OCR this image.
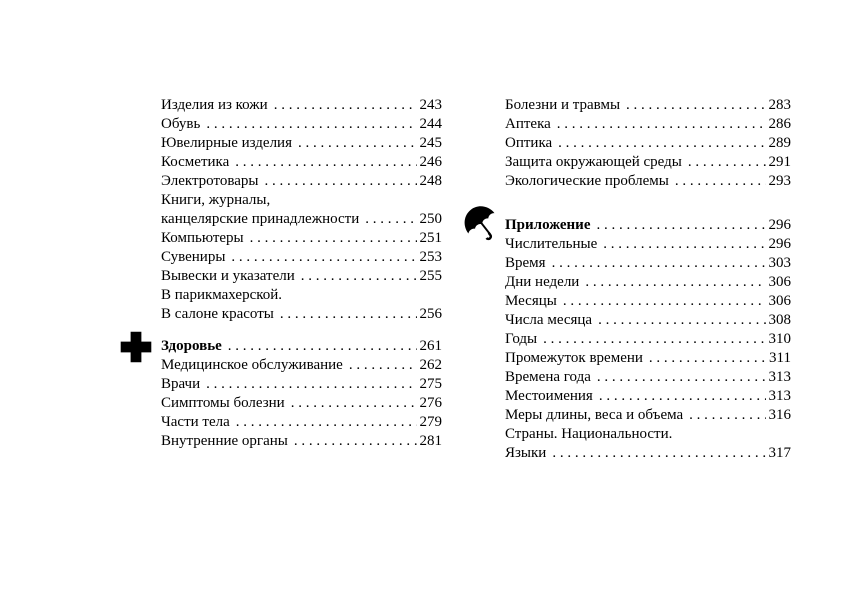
Изделия из кожи . . .	243
Обувь . . .	244
Ювелирные изделия . . .	245
Косметика . . .	246
Электротовары . . .	248
Книги, журналы,
канцелярские принадлежности . . .	250
Компьютеры . . .	251
Сувениры . . .	253
Вывески и указатели . . .	255
В парикмахерской.
В салоне красоты . . .	256
Здоровье . . .	261
Медицинское обслуживание . . .	262
Врачи . . .	275
Симптомы болезни . . .	276
Части тела . . .	279
Внутренние органы . . .	281
Болезни и травмы . . .	283
Аптека . . .	286
Оптика . . .	289
Защита окружающей среды . . .	291
Экологические проблемы . . .	293
Приложение . . .	296
Числительные . . .	296
Время . . .	303
Дни недели . . .	306
Месяцы . . .	306
Числа месяца . . .	308
Годы . . .	310
Промежуток времени . . .	311
Времена года . . .	313
Местоимения . . .	313
Меры длины, веса и объема . . .	316
Страны. Национальности.
Языки . . .	317
